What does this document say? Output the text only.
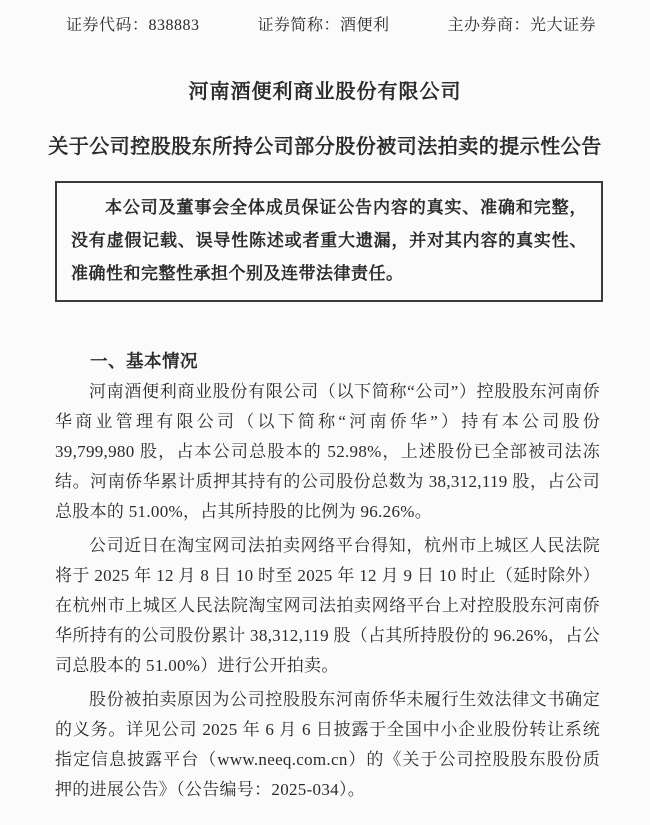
证券代码：838883	证券简称：酒便利	主办券商：光大证券
河南酒便利商业股份有限公司
关于公司控股股东所持公司部分股份被司法拍卖的提示性公告

本公司及董事会全体成员保证公告内容的真实、准确和完整，没有虚假记载、误导性陈述或者重大遗漏，并对其内容的真实性、准确性和完整性承担个别及连带法律责任。

一、基本情况

河南酒便利商业股份有限公司（以下简称“公司”）控股股东河南侨华商业管理有限公司（以下简称“河南侨华”）持有本公司股份 39,799,980 股，占本公司总股本的 52.98%，上述股份已全部被司法冻结。河南侨华累计质押其持有的公司股份总数为 38,312,119 股，占公司总股本的 51.00%，占其所持股的比例为 96.26%。

公司近日在淘宝网司法拍卖网络平台得知，杭州市上城区人民法院将于 2025 年 12 月 8 日 10 时至 2025 年 12 月 9 日 10 时止（延时除外）在杭州市上城区人民法院淘宝网司法拍卖网络平台上对控股股东河南侨华所持有的公司股份累计 38,312,119 股（占其所持股份的 96.26%，占公司总股本的 51.00%）进行公开拍卖。

股份被拍卖原因为公司控股股东河南侨华未履行生效法律文书确定的义务。详见公司 2025 年 6 月 6 日披露于全国中小企业股份转让系统指定信息披露平台（www.neeq.com.cn）的《关于公司控股股东股份质押的进展公告》（公告编号：2025-034）。
